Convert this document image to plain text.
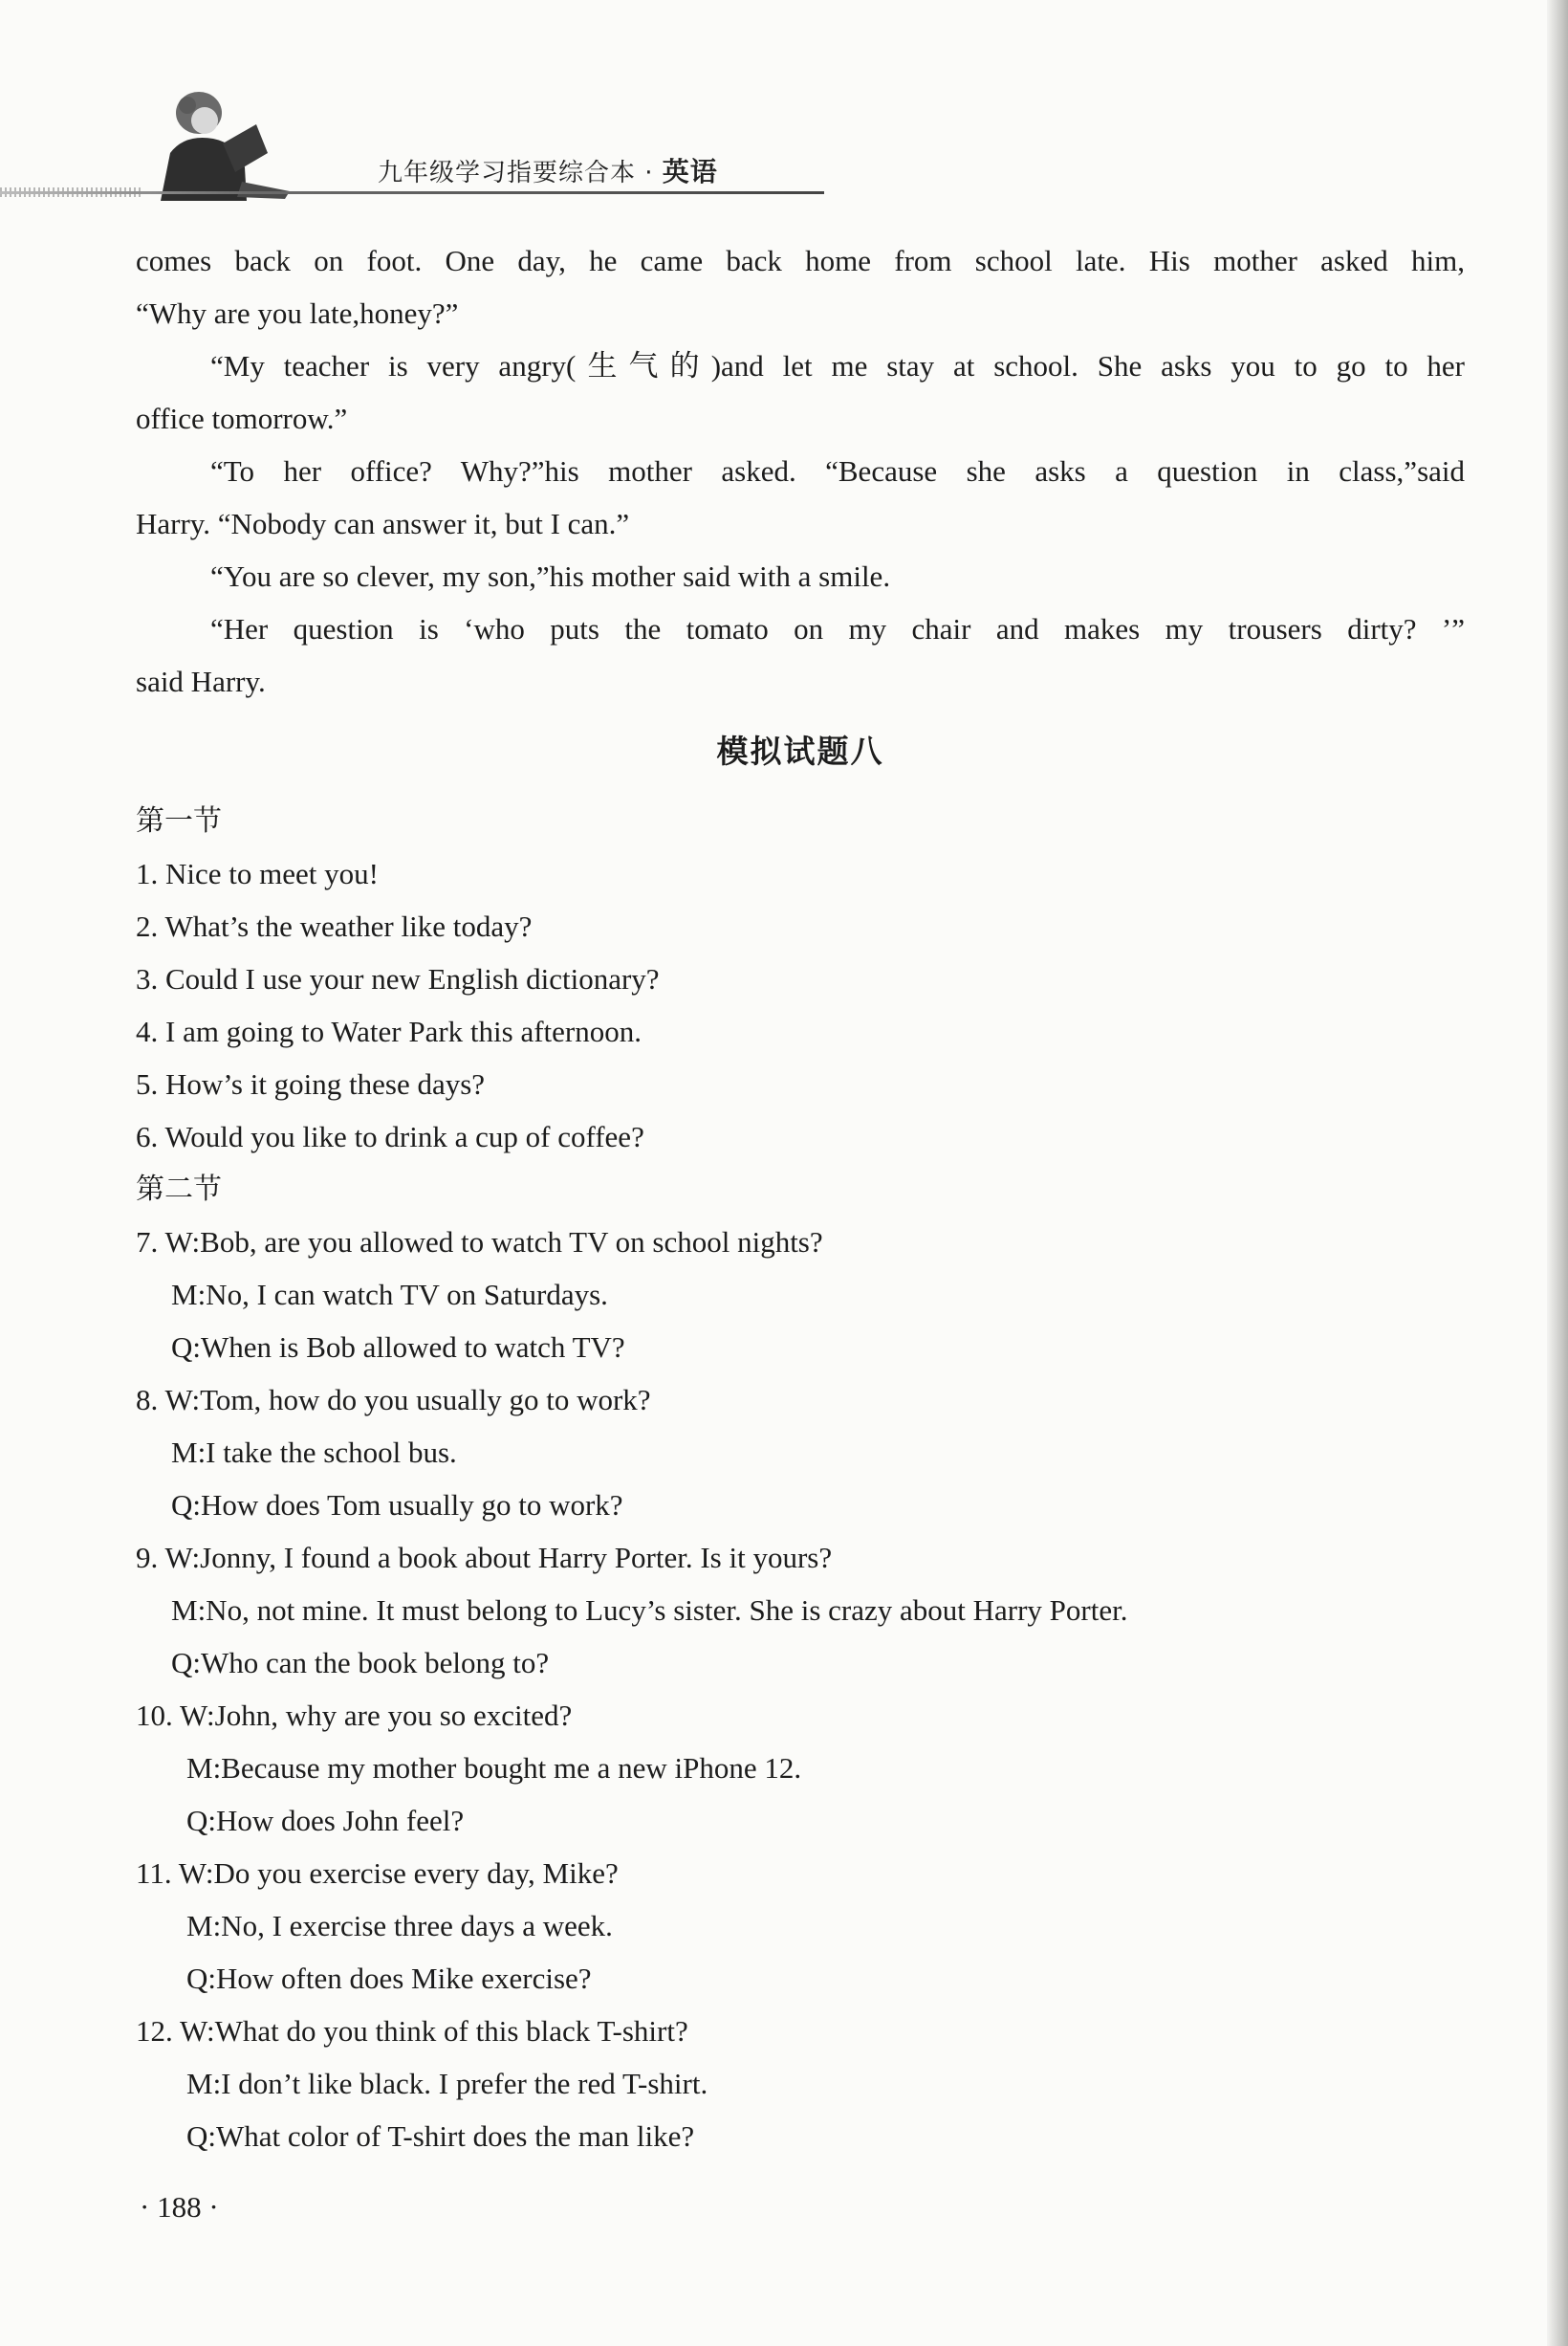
九年级学习指要综合本 · 英语
comes back on foot. One day, he came back home from school late. His mother asked him,
“Why are you late,honey?”
“My teacher is very angry(生气的)and let me stay at school. She asks you to go to her
office tomorrow.”
“To her office? Why?”his mother asked. “Because she asks a question in class,”said
Harry. “Nobody can answer it, but I can.”
“You are so clever, my son,”his mother said with a smile.
“Her question is ‘who puts the tomato on my chair and makes my trousers dirty? ’”
said Harry.
模拟试题八
第一节
1. Nice to meet you!
2. What’s the weather like today?
3. Could I use your new English dictionary?
4. I am going to Water Park this afternoon.
5. How’s it going these days?
6. Would you like to drink a cup of coffee?
第二节
7. W:Bob, are you allowed to watch TV on school nights?
M:No, I can watch TV on Saturdays.
Q:When is Bob allowed to watch TV?
8. W:Tom, how do you usually go to work?
M:I take the school bus.
Q:How does Tom usually go to work?
9. W:Jonny, I found a book about Harry Porter. Is it yours?
M:No, not mine. It must belong to Lucy’s sister. She is crazy about Harry Porter.
Q:Who can the book belong to?
10. W:John, why are you so excited?
M:Because my mother bought me a new iPhone 12.
Q:How does John feel?
11. W:Do you exercise every day, Mike?
M:No, I exercise three days a week.
Q:How often does Mike exercise?
12. W:What do you think of this black T-shirt?
M:I don’t like black. I prefer the red T-shirt.
Q:What color of T-shirt does the man like?
· 188 ·
